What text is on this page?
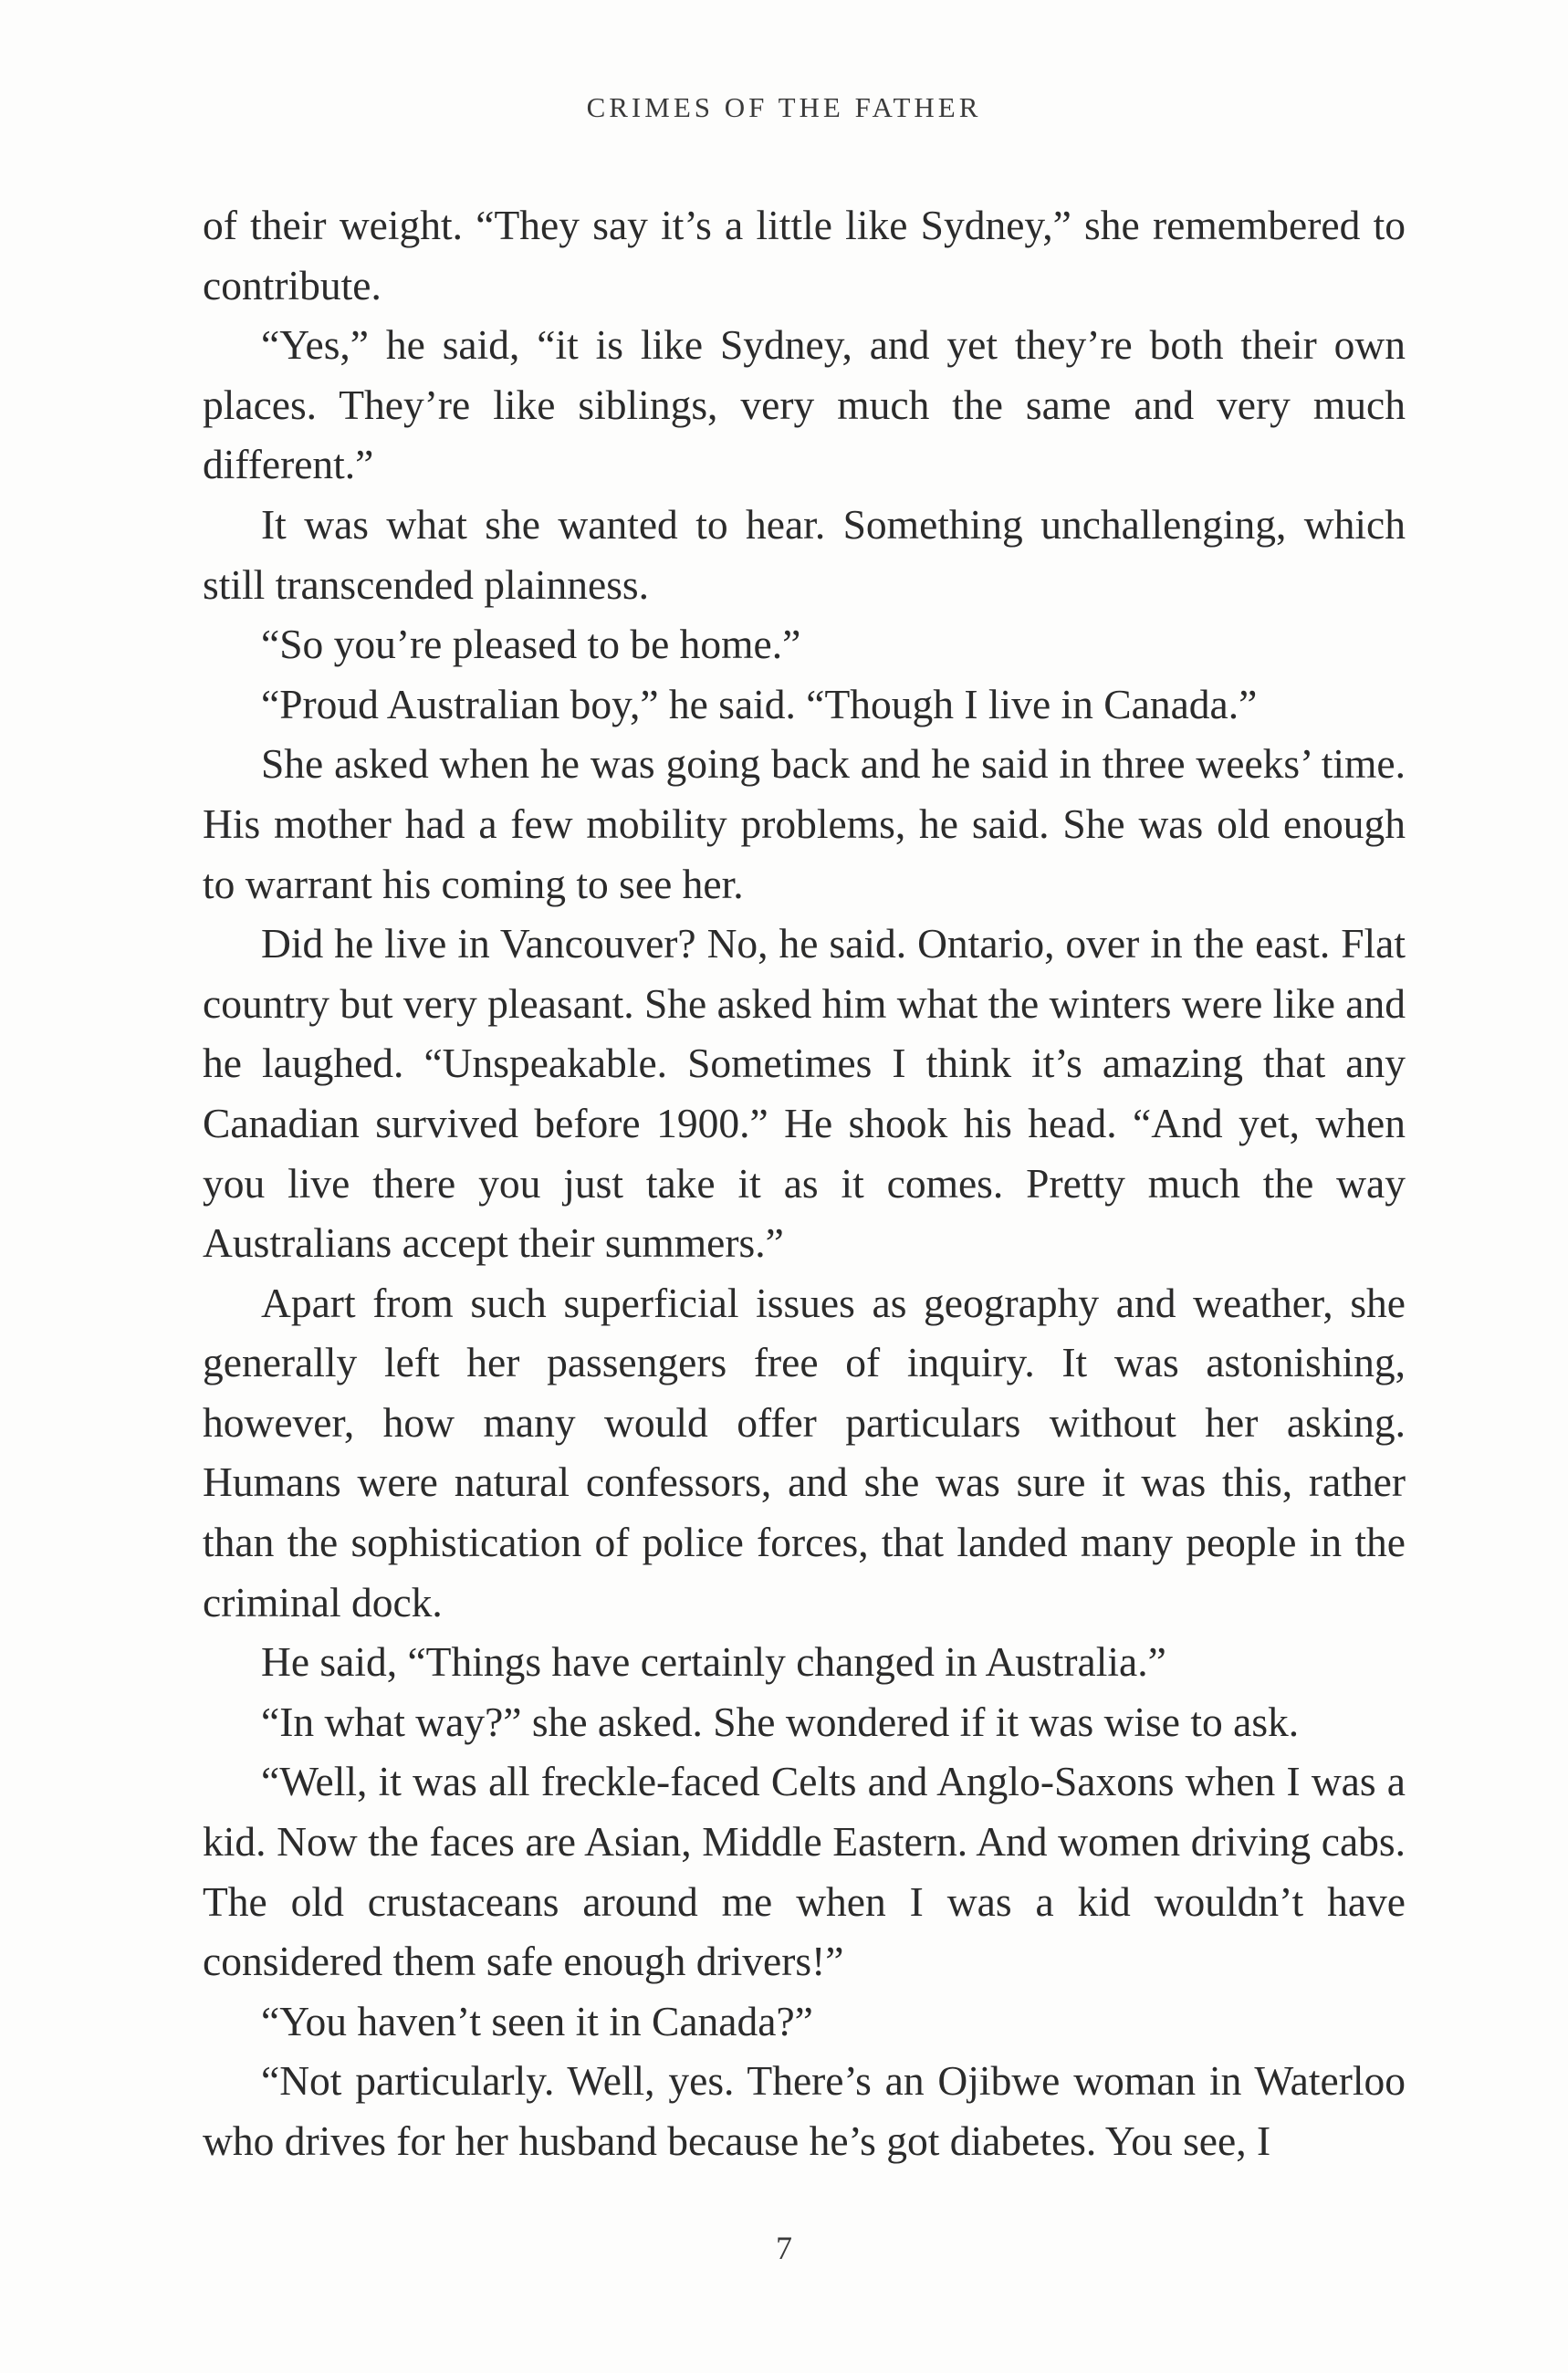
CRIMES OF THE FATHER

of their weight. “They say it’s a little like Sydney,” she remembered to contribute.

“Yes,” he said, “it is like Sydney, and yet they’re both their own places. They’re like siblings, very much the same and very much different.”

It was what she wanted to hear. Something unchallenging, which still transcended plainness.

“So you’re pleased to be home.”

“Proud Australian boy,” he said. “Though I live in Canada.”

She asked when he was going back and he said in three weeks’ time. His mother had a few mobility problems, he said. She was old enough to warrant his coming to see her.

Did he live in Vancouver? No, he said. Ontario, over in the east. Flat country but very pleasant. She asked him what the winters were like and he laughed. “Unspeakable. Sometimes I think it’s amazing that any Canadian survived before 1900.” He shook his head. “And yet, when you live there you just take it as it comes. Pretty much the way Australians accept their summers.”

Apart from such superficial issues as geography and weather, she generally left her passengers free of inquiry. It was astonishing, however, how many would offer particulars without her asking. Humans were natural confessors, and she was sure it was this, rather than the sophistication of police forces, that landed many people in the criminal dock.

He said, “Things have certainly changed in Australia.”

“In what way?” she asked. She wondered if it was wise to ask.

“Well, it was all freckle-faced Celts and Anglo-Saxons when I was a kid. Now the faces are Asian, Middle Eastern. And women driving cabs. The old crustaceans around me when I was a kid wouldn’t have considered them safe enough drivers!”

“You haven’t seen it in Canada?”

“Not particularly. Well, yes. There’s an Ojibwe woman in Waterloo who drives for her husband because he’s got diabetes. You see, I

7
